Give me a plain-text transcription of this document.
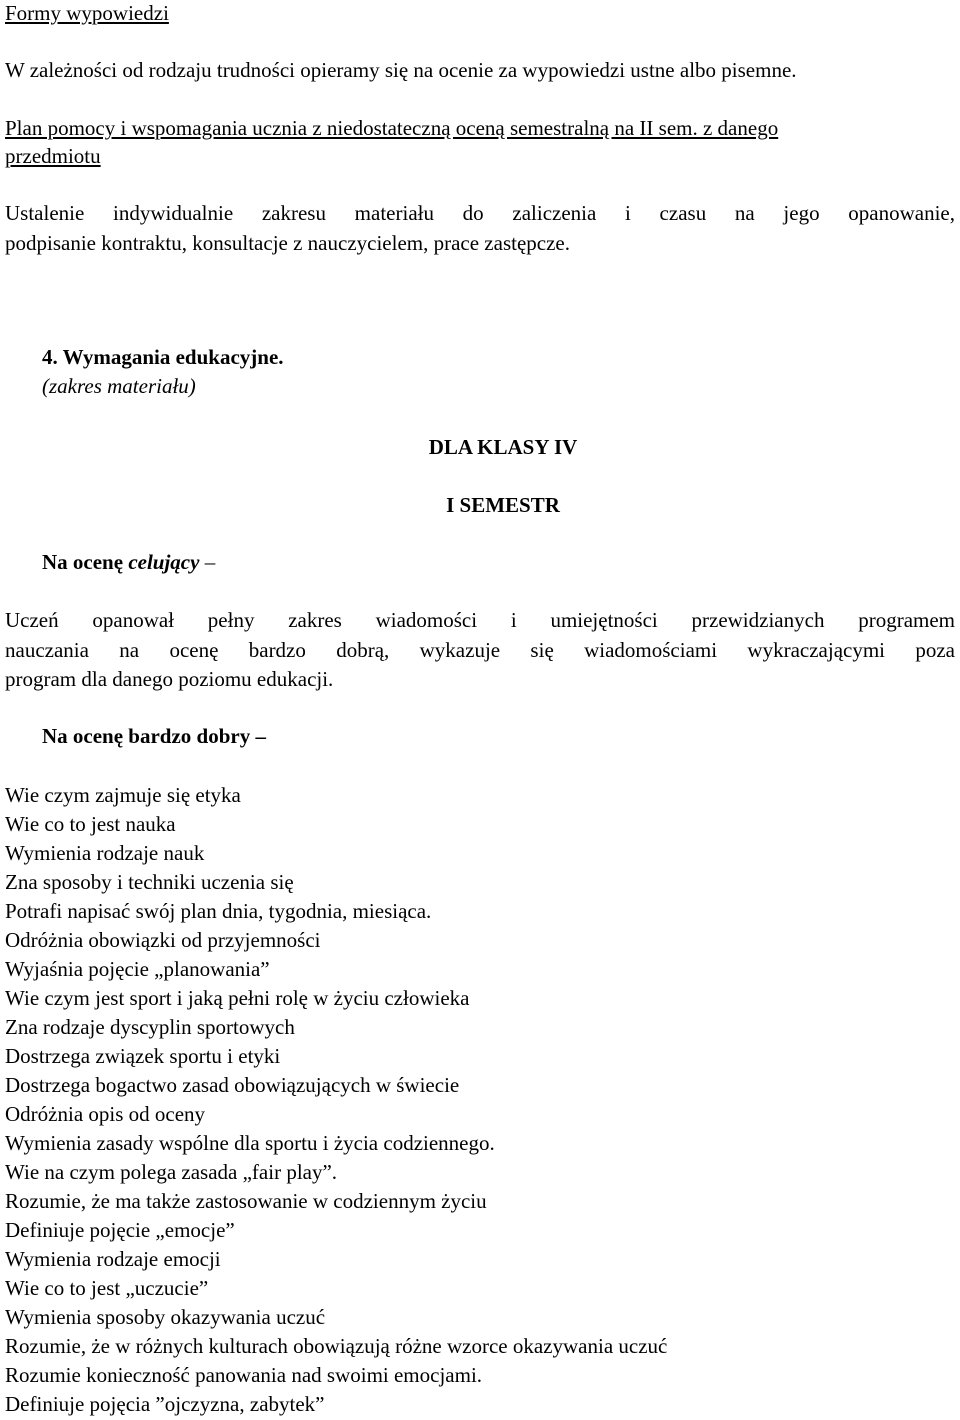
Formy wypowiedzi
W zależności od rodzaju trudności opieramy się na ocenie za wypowiedzi ustne albo pisemne.
Plan pomocy i wspomagania ucznia z niedostateczną oceną semestralną na II sem. z danego
przedmiotu
Ustalenie indywidualnie zakresu materiału do zaliczenia i czasu na jego opanowanie,
podpisanie kontraktu, konsultacje z nauczycielem, prace zastępcze.
4. Wymagania edukacyjne.
(zakres materiału)
DLA KLASY IV
I SEMESTR
Na ocenę celujący –
Uczeń opanował pełny zakres wiadomości i umiejętności przewidzianych programem
nauczania na ocenę bardzo dobrą, wykazuje się wiadomościami wykraczającymi poza
program dla danego poziomu edukacji.
Na ocenę bardzo dobry –
Wie czym zajmuje się etyka
Wie co to jest nauka
Wymienia rodzaje nauk
Zna sposoby i techniki uczenia się
Potrafi napisać swój plan dnia, tygodnia, miesiąca.
Odróżnia obowiązki od przyjemności
Wyjaśnia pojęcie „planowania”
Wie czym jest sport i jaką pełni rolę w życiu człowieka
Zna rodzaje dyscyplin sportowych
Dostrzega związek sportu i etyki
Dostrzega bogactwo zasad obowiązujących w świecie
Odróżnia opis od oceny
Wymienia zasady wspólne dla sportu i życia codziennego.
Wie na czym polega zasada „fair play”.
Rozumie, że ma także zastosowanie w codziennym życiu
Definiuje pojęcie „emocje”
Wymienia rodzaje emocji
Wie co to jest „uczucie”
Wymienia sposoby okazywania uczuć
Rozumie, że w różnych kulturach obowiązują różne wzorce okazywania uczuć
Rozumie konieczność panowania nad swoimi emocjami.
Definiuje pojęcia ”ojczyzna, zabytek”
